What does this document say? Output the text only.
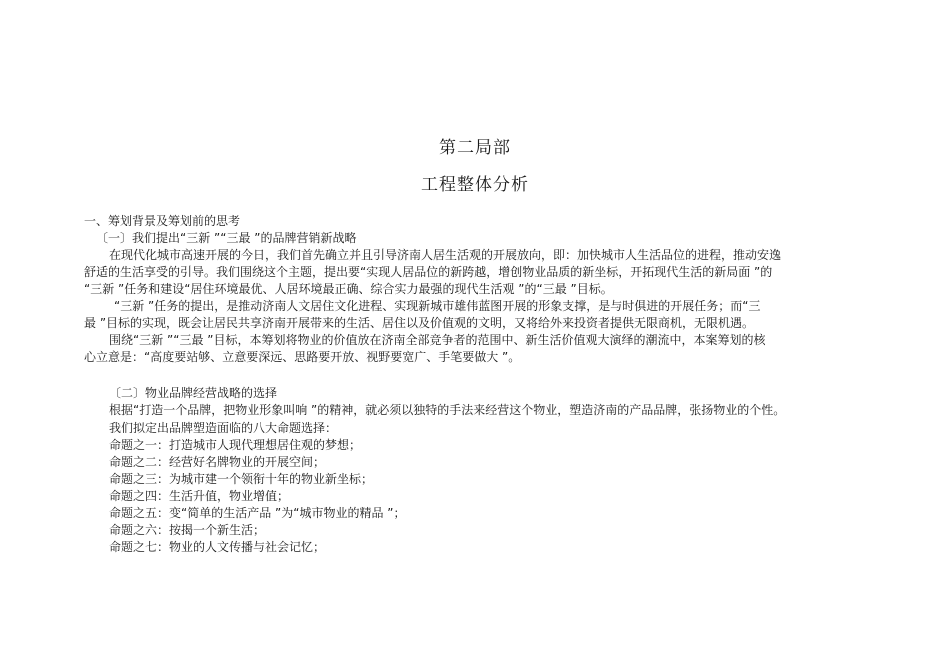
第二局部
工程整体分析
一、筹划背景及筹划前的思考
〔一〕我们提出“三新 ”“三最 ”的品牌营销新战略
在现代化城市高速开展的今日，我们首先确立并且引导济南人居生活观的开展放向，即：加快城市人生活品位的进程，推动安逸
舒适的生活享受的引导。我们围绕这个主题，提出要“实现人居品位的新跨越，增创物业品质的新坐标，开拓现代生活的新局面 ”的
“三新 ”任务和建设“居住环境最优、人居环境最正确、综合实力最强的现代生活观 ”的“三最 ”目标。
“三新 ”任务的提出，是推动济南人文居住文化进程、实现新城市雄伟蓝图开展的形象支撑，是与时俱进的开展任务；而“三
最 ”目标的实现，既会让居民共享济南开展带来的生活、居住以及价值观的文明，又将给外来投资者提供无限商机，无限机遇。
围绕“三新 ”“三最 ”目标，本筹划将物业的价值放在济南全部竞争者的范围中、新生活价值观大演绎的潮流中，本案筹划的核
心立意是：“高度要站够、立意要深远、思路要开放、视野要宽广、手笔要做大 ”。
〔二〕物业品牌经营战略的选择
根据“打造一个品牌，把物业形象叫响 ”的精神，就必须以独特的手法来经营这个物业，塑造济南的产品品牌，张扬物业的个性。
我们拟定出品牌塑造面临的八大命题选择：
命题之一：打造城市人现代理想居住观的梦想；
命题之二：经营好名牌物业的开展空间；
命题之三：为城市建一个领衔十年的物业新坐标；
命题之四：生活升值，物业增值；
命题之五：变“简单的生活产品 ”为“城市物业的精品 ”；
命题之六：按揭一个新生活；
命题之七：物业的人文传播与社会记忆；
